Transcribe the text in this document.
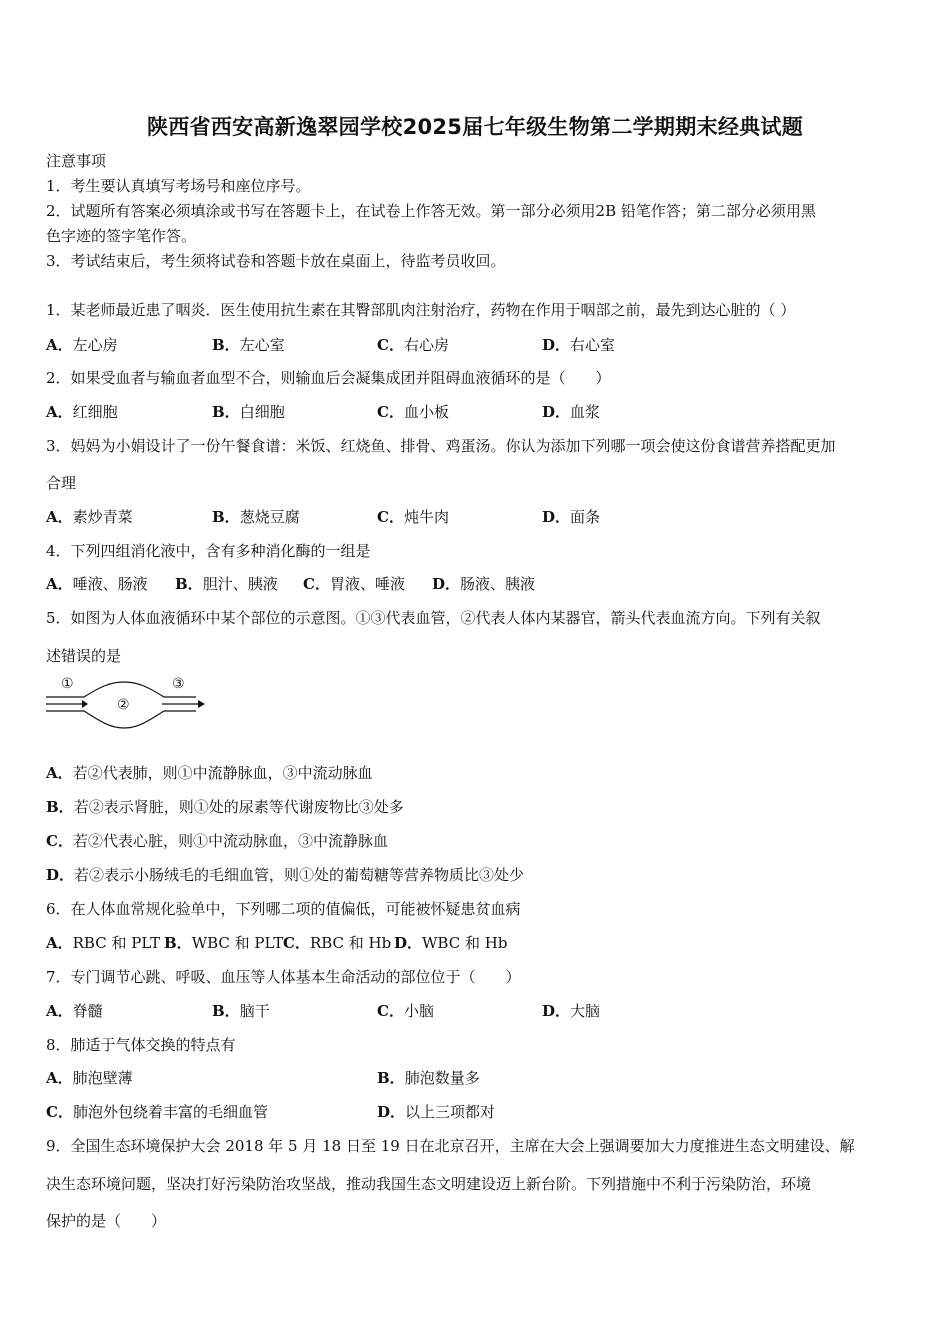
陕西省西安高新逸翠园学校2025届七年级生物第二学期期末经典试题
注意事项
1．考生要认真填写考场号和座位序号。
2．试题所有答案必须填涂或书写在答题卡上，在试卷上作答无效。第一部分必须用2B 铅笔作答；第二部分必须用黑
色字迹的签字笔作答。
3．考试结束后，考生须将试卷和答题卡放在桌面上，待监考员收回。
1．某老师最近患了咽炎．医生使用抗生素在其臀部肌肉注射治疗，药物在作用于咽部之前，最先到达心脏的（ ）
A．左心房	B．左心室	C．右心房	D．右心室
2．如果受血者与输血者血型不合，则输血后会凝集成团并阻碍血液循环的是（　　）
A．红细胞	B．白细胞	C．血小板	D．血浆
3．妈妈为小娟设计了一份午餐食谱：米饭、红烧鱼、排骨、鸡蛋汤。你认为添加下列哪一项会使这份食谱营养搭配更加
合理
A．素炒青菜	B．葱烧豆腐	C．炖牛肉	D．面条
4．下列四组消化液中，含有多种消化酶的一组是
A．唾液、肠液 B．胆汁、胰液 C．胃液、唾液 D．肠液、胰液
5．如图为人体血液循环中某个部位的示意图。①③代表血管，②代表人体内某器官，箭头代表血流方向。下列有关叙
述错误的是
①	③
②
A．若②代表肺，则①中流静脉血，③中流动脉血
B．若②表示肾脏，则①处的尿素等代谢废物比③处多
C．若②代表心脏，则①中流动脉血，③中流静脉血
D．若②表示小肠绒毛的毛细血管，则①处的葡萄糖等营养物质比③处少
6．在人体血常规化验单中，下列哪二项的值偏低，可能被怀疑患贫血病
A．RBC 和 PLT B．WBC 和 PLT C．RBC 和 Hb D．WBC 和 Hb
7．专门调节心跳、呼吸、血压等人体基本生命活动的部位位于（　　）
A．脊髓	B．脑干	C．小脑	D．大脑
8．肺适于气体交换的特点有
A．肺泡壁薄	B．肺泡数量多
C．肺泡外包绕着丰富的毛细血管	D．以上三项都对
9．全国生态环境保护大会 2018 年 5 月 18 日至 19 日在北京召开，主席在大会上强调要加大力度推进生态文明建设、解
决生态环境问题，坚决打好污染防治攻坚战，推动我国生态文明建设迈上新台阶。下列措施中不利于污染防治，环境
保护的是（　　）
